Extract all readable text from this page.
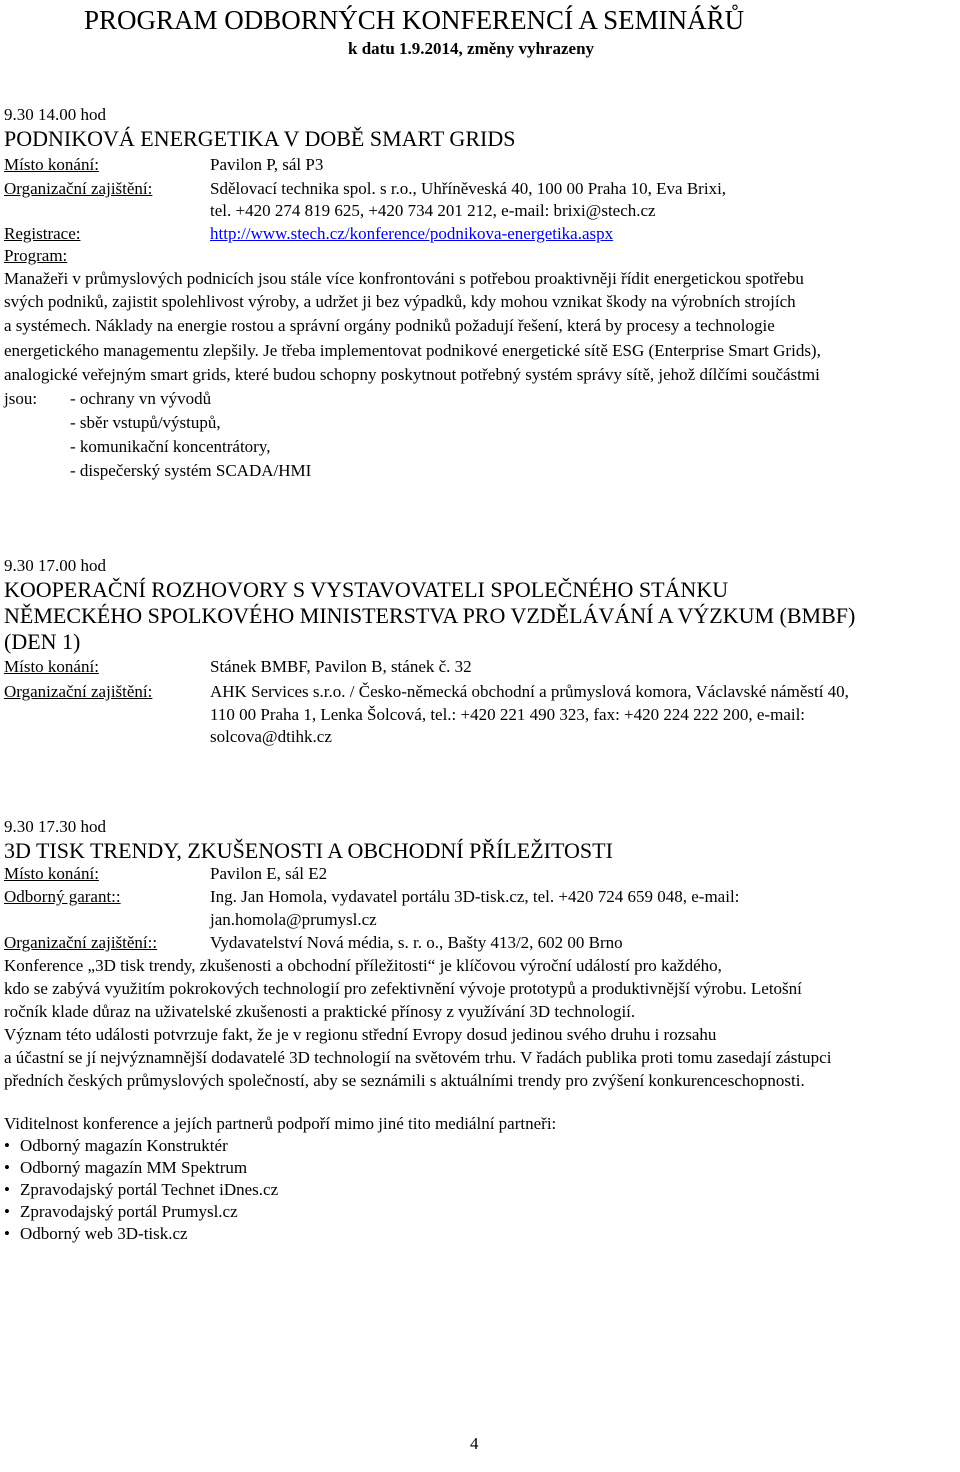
PROGRAM ODBORNÝCH KONFERENCÍ A SEMINÁŘŮ
k datu 1.9.2014, změny vyhrazeny
9.30 14.00 hod
PODNIKOVÁ ENERGETIKA V DOBĚ SMART GRIDS
Místo konání:	Pavilon P, sál P3
Organizační zajištění:	Sdělovací technika spol. s r.o., Uhříněveská 40, 100 00 Praha 10, Eva Brixi,
tel. +420 274 819 625, +420 734 201 212, e-mail: brixi@stech.cz
Registrace:	http://www.stech.cz/konference/podnikova-energetika.aspx
Program:
Manažeři v průmyslových podnicích jsou stále více konfrontováni s potřebou proaktivněji řídit energetickou spotřebu
svých podniků, zajistit spolehlivost výroby, a udržet ji bez výpadků, kdy mohou vznikat škody na výrobních strojích
a systémech. Náklady na energie rostou a správní orgány podniků požadují řešení, která by procesy a technologie
energetického managementu zlepšily. Je třeba implementovat podnikové energetické sítě ESG (Enterprise Smart Grids),
analogické veřejným smart grids, které budou schopny poskytnout potřebný systém správy sítě, jehož dílčími součástmi
jsou: - ochrany vn vývodů
- sběr vstupů/výstupů,
- komunikační koncentrátory,
- dispečerský systém SCADA/HMI
9.30 17.00 hod
KOOPERAČNÍ ROZHOVORY S VYSTAVOVATELI SPOLEČNÉHO STÁNKU
NĚMECKÉHO SPOLKOVÉHO MINISTERSTVA PRO VZDĚLÁVÁNÍ A VÝZKUM (BMBF)
(DEN 1)
Místo konání:	Stánek BMBF, Pavilon B, stánek č. 32
Organizační zajištění:	AHK Services s.r.o. / Česko-německá obchodní a průmyslová komora, Václavské náměstí 40,
110 00 Praha 1, Lenka Šolcová, tel.: +420 221 490 323, fax: +420 224 222 200, e-mail:
solcova@dtihk.cz
9.30 17.30 hod
3D TISK TRENDY, ZKUŠENOSTI A OBCHODNÍ PŘÍLEŽITOSTI
Místo konání:	Pavilon E, sál E2
Odborný garant::	Ing. Jan Homola, vydavatel portálu 3D-tisk.cz, tel. +420 724 659 048, e-mail:
jan.homola@prumysl.cz
Organizační zajištění::	Vydavatelství Nová média, s. r. o., Bašty 413/2, 602 00 Brno
Konference „3D tisk trendy, zkušenosti a obchodní příležitosti“ je klíčovou výroční událostí pro každého,
kdo se zabývá využitím pokrokových technologií pro zefektivnění vývoje prototypů a produktivnější výrobu. Letošní
ročník klade důraz na uživatelské zkušenosti a praktické přínosy z využívání 3D technologií.
Význam této události potvrzuje fakt, že je v regionu střední Evropy dosud jedinou svého druhu i rozsahu
a účastní se jí nejvýznamnější dodavatelé 3D technologií na světovém trhu. V řadách publika proti tomu zasedají zástupci
předních českých průmyslových společností, aby se seznámili s aktuálními trendy pro zvýšení konkurenceschopnosti.
Viditelnost konference a jejích partnerů podpoří mimo jiné tito mediální partneři:
• Odborný magazín Konstruktér
• Odborný magazín MM Spektrum
• Zpravodajský portál Technet iDnes.cz
• Zpravodajský portál Prumysl.cz
• Odborný web 3D-tisk.cz
4
